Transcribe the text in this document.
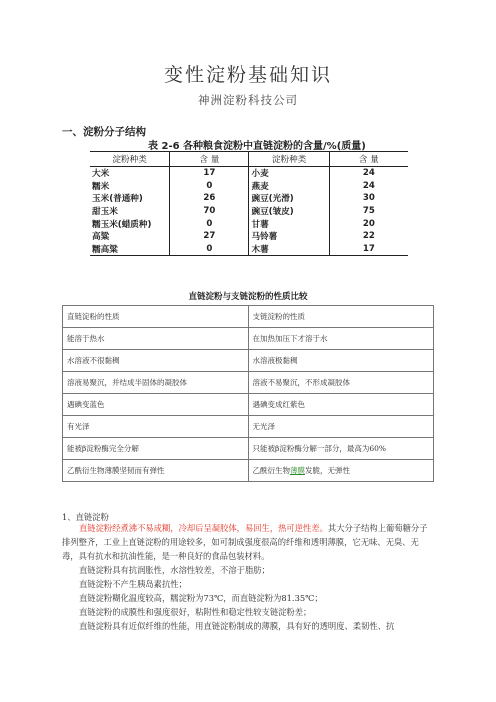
变性淀粉基础知识
神洲淀粉科技公司
一、淀粉分子结构
表 2-6 各种粮食淀粉中直链淀粉的含量/%(质量)
淀粉种类	含 量	淀粉种类	含 量
大米	17	小麦	24
糯米	0	燕麦	24
玉米(普通种)	26	豌豆(光滑)	30
甜玉米	70	豌豆(皱皮)	75
糯玉米(蜡质种)	0	甘薯	20
高粱	27	马铃薯	22
糯高粱	0	木薯	17
直链淀粉与支链淀粉的性质比较
直链淀粉的性质	支链淀粉的性质
能溶于热水	在加热加压下才溶于水
水溶液不很黏稠	水溶液极黏稠
溶液易聚沉，并结成半固体的凝胶体	溶液不易聚沉，不形成凝胶体
遇碘变蓝色	遇碘变成红紫色
有光泽	无光泽
能被β淀粉酶完全分解	只能被β淀粉酶分解一部分，最高为60%
乙酰衍生物薄膜坚韧而有弹性	乙酰衍生物薄膜发脆，无弹性
1、直链淀粉
直链淀粉经煮沸不易成糊，冷却后呈凝胶体，易回生，热可逆性差。其大分子结构上葡萄糖分子排列整齐，工业上直链淀粉的用途较多，如可制成强度很高的纤维和透明薄膜，它无味、无臭、无毒，具有抗水和抗油性能，是一种良好的食品包装材料。
直链淀粉具有抗润胀性，水溶性较差，不溶于脂肪；
直链淀粉不产生胰岛素抗性；
直链淀粉糊化温度较高，糯淀粉为73℃，而直链淀粉为81.35℃；
直链淀粉的成膜性和强度很好，粘附性和稳定性较支链淀粉差；
直链淀粉具有近似纤维的性能，用直链淀粉制成的薄膜，具有好的透明度、柔韧性、抗
